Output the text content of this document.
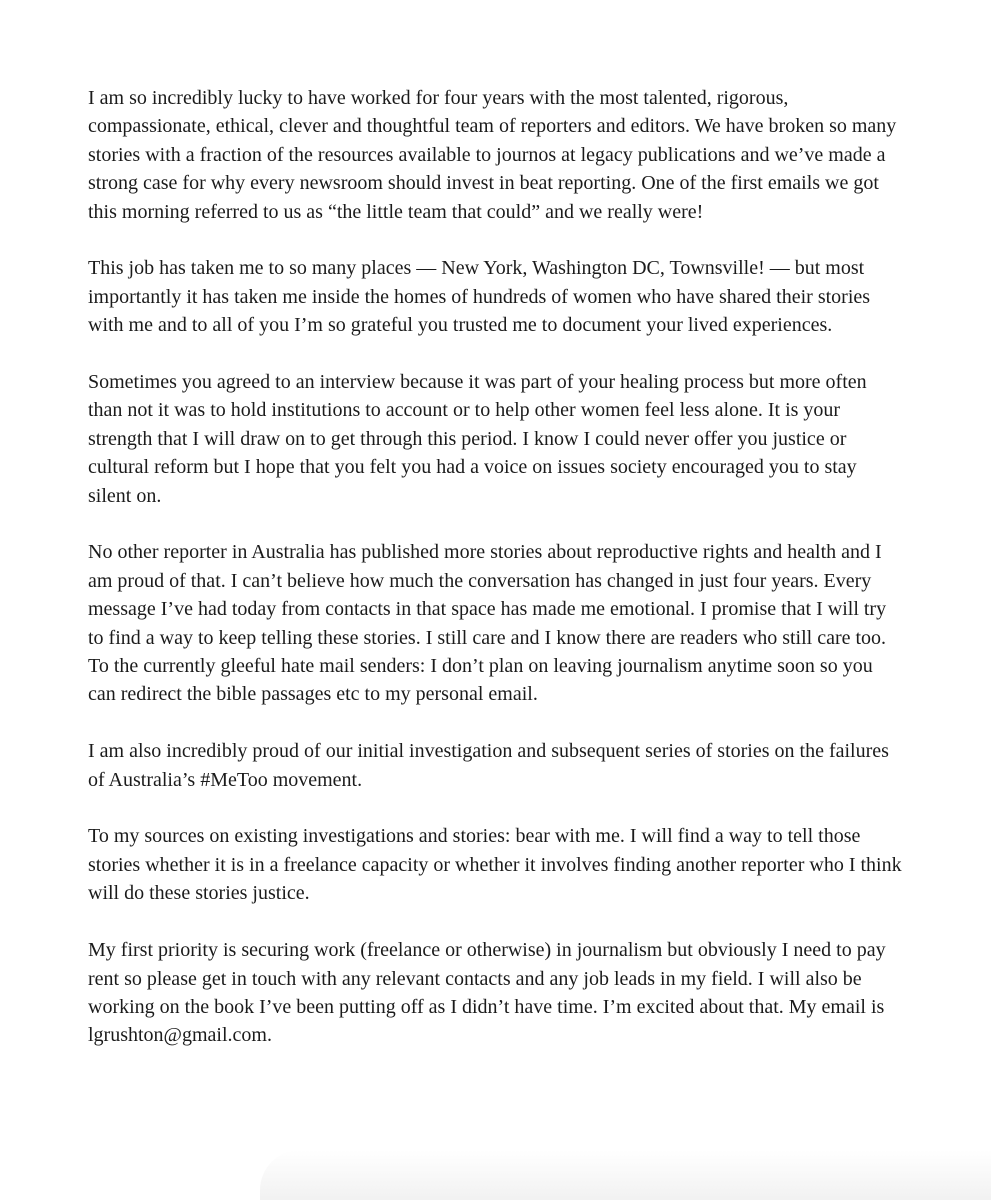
I am so incredibly lucky to have worked for four years with the most talented, rigorous, compassionate, ethical, clever and thoughtful team of reporters and editors. We have broken so many stories with a fraction of the resources available to journos at legacy publications and we’ve made a strong case for why every newsroom should invest in beat reporting. One of the first emails we got this morning referred to us as “the little team that could” and we really were!

This job has taken me to so many places — New York, Washington DC, Townsville! — but most importantly it has taken me inside the homes of hundreds of women who have shared their stories with me and to all of you I’m so grateful you trusted me to document your lived experiences.

Sometimes you agreed to an interview because it was part of your healing process but more often than not it was to hold institutions to account or to help other women feel less alone. It is your strength that I will draw on to get through this period. I know I could never offer you justice or cultural reform but I hope that you felt you had a voice on issues society encouraged you to stay silent on.

No other reporter in Australia has published more stories about reproductive rights and health and I am proud of that. I can’t believe how much the conversation has changed in just four years. Every message I’ve had today from contacts in that space has made me emotional. I promise that I will try to find a way to keep telling these stories. I still care and I know there are readers who still care too. To the currently gleeful hate mail senders: I don’t plan on leaving journalism anytime soon so you can redirect the bible passages etc to my personal email.

I am also incredibly proud of our initial investigation and subsequent series of stories on the failures of Australia’s #MeToo movement.

To my sources on existing investigations and stories: bear with me. I will find a way to tell those stories whether it is in a freelance capacity or whether it involves finding another reporter who I think will do these stories justice.

My first priority is securing work (freelance or otherwise) in journalism but obviously I need to pay rent so please get in touch with any relevant contacts and any job leads in my field. I will also be working on the book I’ve been putting off as I didn’t have time. I’m excited about that. My email is lgrushton@gmail.com.
